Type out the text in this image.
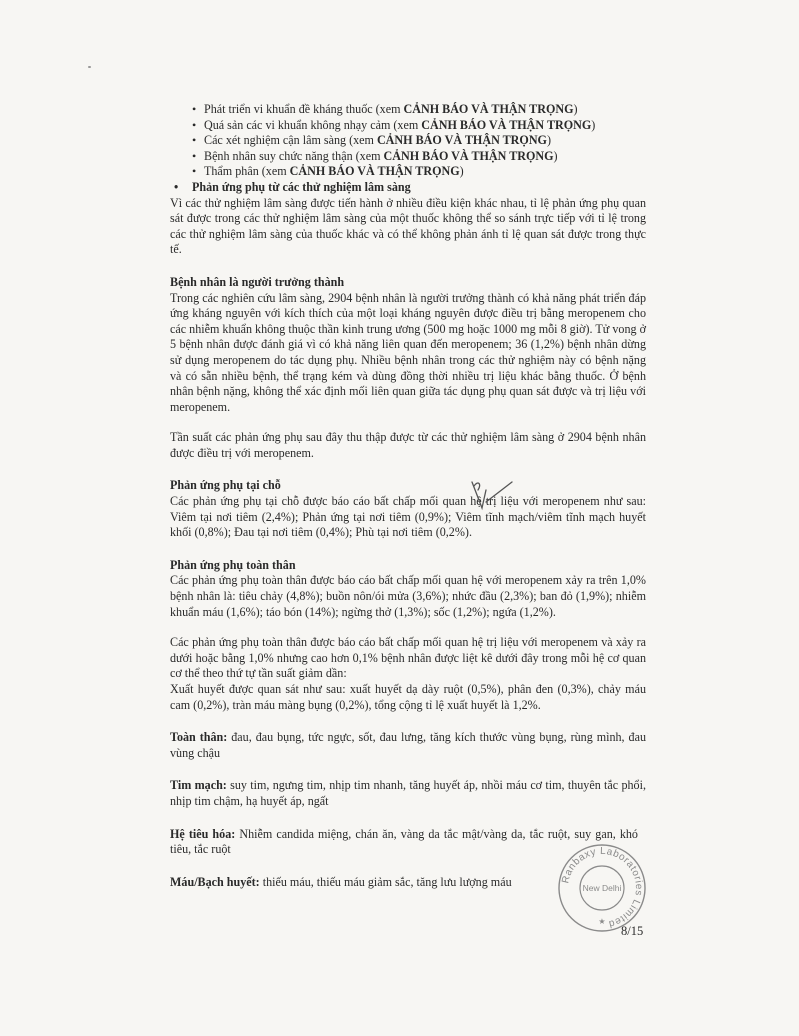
• Phát triển vi khuẩn đề kháng thuốc (xem CẢNH BÁO VÀ THẬN TRỌNG)
• Quá sản các vi khuẩn không nhạy cảm (xem CẢNH BÁO VÀ THẬN TRỌNG)
• Các xét nghiệm cận lâm sàng (xem CẢNH BÁO VÀ THẬN TRỌNG)
• Bệnh nhân suy chức năng thận (xem CẢNH BÁO VÀ THẬN TRỌNG)
• Thẩm phân (xem CẢNH BÁO VÀ THẬN TRỌNG)
• Phản ứng phụ từ các thử nghiệm lâm sàng

Vì các thử nghiệm lâm sàng được tiến hành ở nhiều điều kiện khác nhau, tỉ lệ phản ứng phụ quan sát được trong các thử nghiệm lâm sàng của một thuốc không thể so sánh trực tiếp với tỉ lệ trong các thử nghiệm lâm sàng của thuốc khác và có thể không phản ánh tỉ lệ quan sát được trong thực tế.

Bệnh nhân là người trưởng thành

Trong các nghiên cứu lâm sàng, 2904 bệnh nhân là người trưởng thành có khả năng phát triển đáp ứng kháng nguyên với kích thích của một loại kháng nguyên được điều trị bằng meropenem cho các nhiễm khuẩn không thuộc thần kinh trung ương (500 mg hoặc 1000 mg mỗi 8 giờ). Tử vong ở 5 bệnh nhân được đánh giá vì có khả năng liên quan đến meropenem; 36 (1,2%) bệnh nhân dừng sử dụng meropenem do tác dụng phụ. Nhiều bệnh nhân trong các thử nghiệm này có bệnh nặng và có sẵn nhiều bệnh, thể trạng kém và dùng đồng thời nhiều trị liệu khác bằng thuốc. Ở bệnh nhân bệnh nặng, không thể xác định mối liên quan giữa tác dụng phụ quan sát được và trị liệu với meropenem.

Tần suất các phản ứng phụ sau đây thu thập được từ các thử nghiệm lâm sàng ở 2904 bệnh nhân được điều trị với meropenem.

Phản ứng phụ tại chỗ

Các phản ứng phụ tại chỗ được báo cáo bất chấp mối quan hệ trị liệu với meropenem như sau: Viêm tại nơi tiêm (2,4%); Phản ứng tại nơi tiêm (0,9%); Viêm tĩnh mạch/viêm tĩnh mạch huyết khối (0,8%); Đau tại nơi tiêm (0,4%); Phù tại nơi tiêm (0,2%).

Phản ứng phụ toàn thân

Các phản ứng phụ toàn thân được báo cáo bất chấp mối quan hệ với meropenem xảy ra trên 1,0% bệnh nhân là: tiêu chảy (4,8%); buồn nôn/ói mửa (3,6%); nhức đầu (2,3%); ban đỏ (1,9%); nhiễm khuẩn máu (1,6%); táo bón (14%); ngừng thở (1,3%); sốc (1,2%); ngứa (1,2%).

Các phản ứng phụ toàn thân được báo cáo bất chấp mối quan hệ trị liệu với meropenem và xảy ra dưới hoặc bằng 1,0% nhưng cao hơn 0,1% bệnh nhân được liệt kê dưới đây trong mỗi hệ cơ quan cơ thể theo thứ tự tần suất giảm dần:

Xuất huyết được quan sát như sau: xuất huyết dạ dày ruột (0,5%), phân đen (0,3%), chảy máu cam (0,2%), tràn máu màng bụng (0,2%), tổng cộng tỉ lệ xuất huyết là 1,2%.

Toàn thân: đau, đau bụng, tức ngực, sốt, đau lưng, tăng kích thước vùng bụng, rùng mình, đau vùng chậu

Tim mạch: suy tim, ngưng tim, nhịp tim nhanh, tăng huyết áp, nhồi máu cơ tim, thuyên tắc phổi, nhịp tim chậm, hạ huyết áp, ngất

Hệ tiêu hóa: Nhiễm candida miệng, chán ăn, vàng da tắc mật/vàng da, tắc ruột, suy gan, khó tiêu, tắc ruột

Máu/Bạch huyết: thiếu máu, thiếu máu giảm sắc, tăng lưu lượng máu	Ranbaxy Laboratories Limited
New Delhi
★
8/15
